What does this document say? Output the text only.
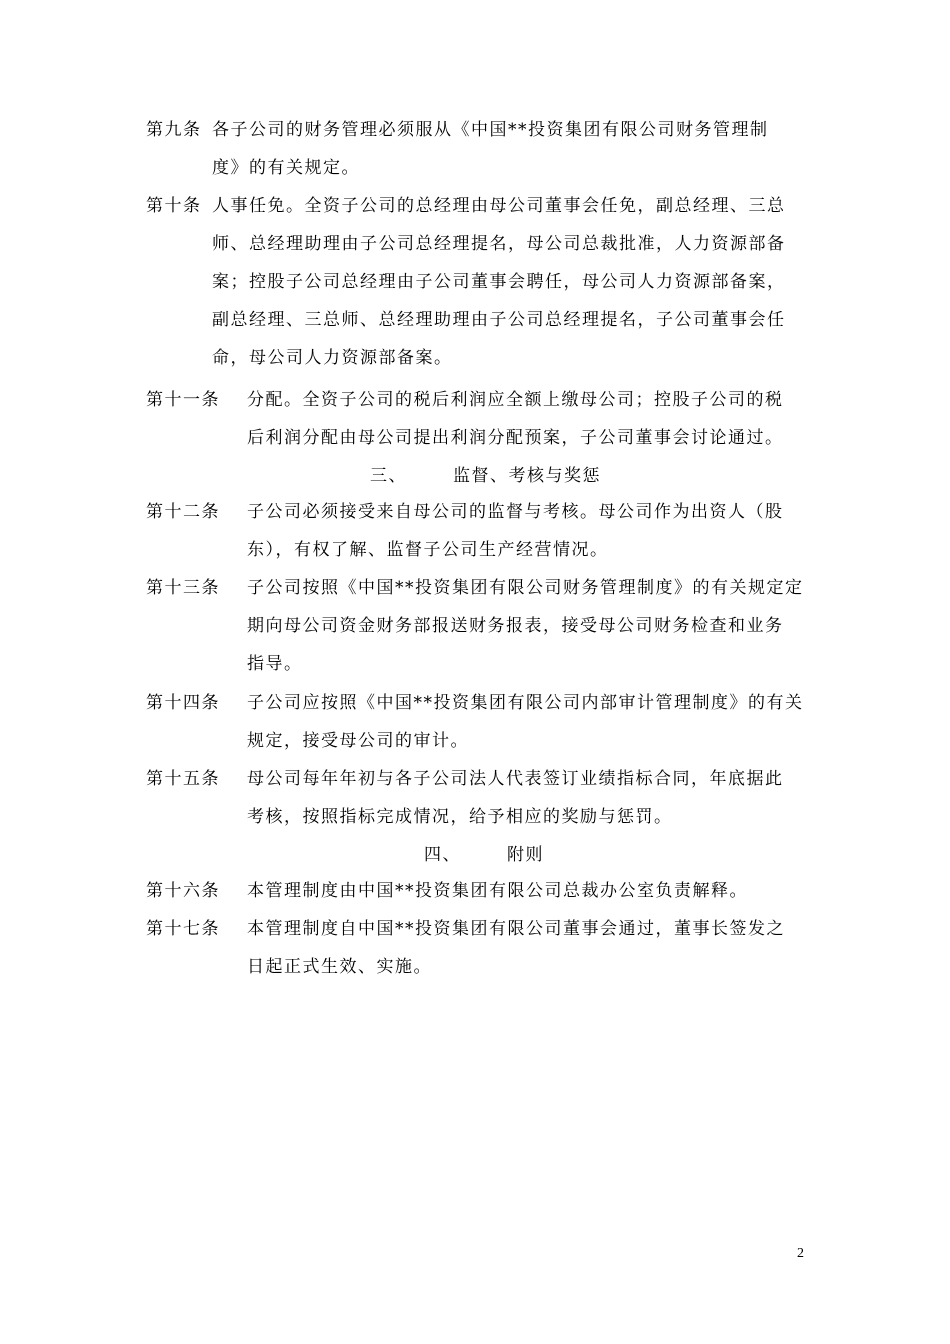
第九条 各子公司的财务管理必须服从《中国**投资集团有限公司财务管理制
度》的有关规定。
第十条 人事任免。全资子公司的总经理由母公司董事会任免，副总经理、三总
师、总经理助理由子公司总经理提名，母公司总裁批准，人力资源部备
案；控股子公司总经理由子公司董事会聘任，母公司人力资源部备案，
副总经理、三总师、总经理助理由子公司总经理提名，子公司董事会任
命，母公司人力资源部备案。
第十一条 分配。全资子公司的税后利润应全额上缴母公司；控股子公司的税
后利润分配由母公司提出利润分配预案，子公司董事会讨论通过。
三、	监督、考核与奖惩
第十二条 子公司必须接受来自母公司的监督与考核。母公司作为出资人（股
东），有权了解、监督子公司生产经营情况。
第十三条 子公司按照《中国**投资集团有限公司财务管理制度》的有关规定定
期向母公司资金财务部报送财务报表，接受母公司财务检查和业务
指导。
第十四条 子公司应按照《中国**投资集团有限公司内部审计管理制度》的有关
规定，接受母公司的审计。
第十五条 母公司每年年初与各子公司法人代表签订业绩指标合同，年底据此
考核，按照指标完成情况，给予相应的奖励与惩罚。
四、	附则
第十六条 本管理制度由中国**投资集团有限公司总裁办公室负责解释。
第十七条 本管理制度自中国**投资集团有限公司董事会通过，董事长签发之
日起正式生效、实施。
2
